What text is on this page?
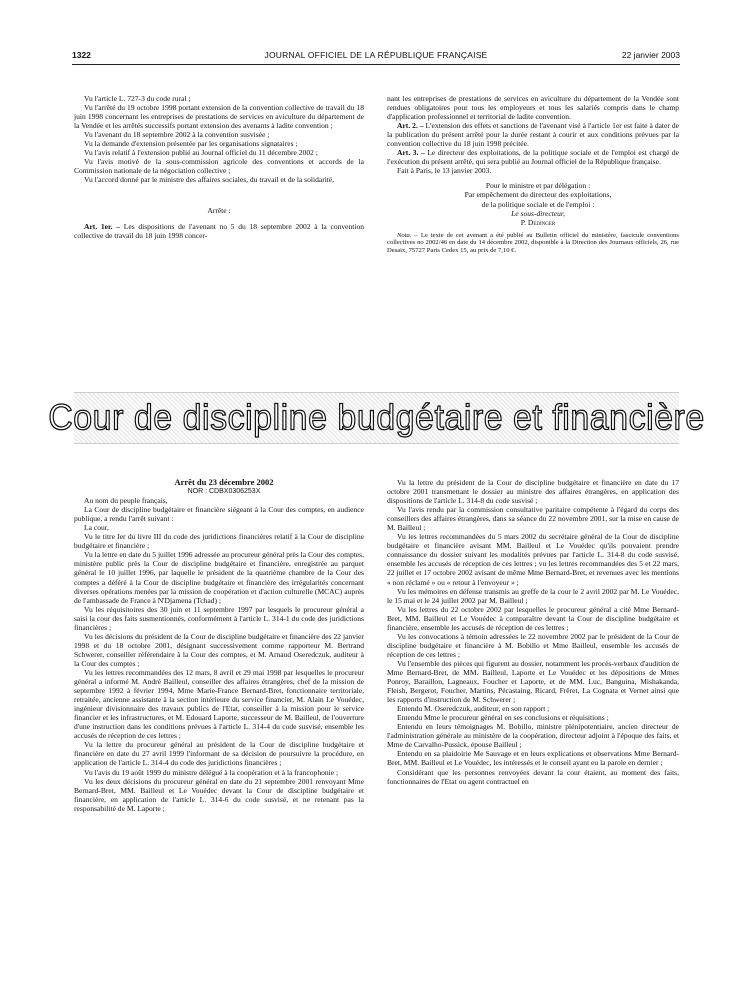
1322	JOURNAL OFFICIEL DE LA RÉPUBLIQUE FRANÇAISE	22 janvier 2003

Vu l'article L. 727-3 du code rural ;

Vu l'arrêté du 19 octobre 1998 portant extension de la convention collective de travail du 18 juin 1998 concernant les entreprises de prestations de services en aviculture du département de la Vendée et les arrêtés successifs portant extension des avenants à ladite convention ;

Vu l'avenant du 18 septembre 2002 à la convention susvisée ;

Vu la demande d'extension présentée par les organisations signataires ;

Vu l'avis relatif à l'extension publié au Journal officiel du 11 décembre 2002 ;

Vu l'avis motivé de la sous-commission agricole des conventions et accords de la Commission nationale de la négociation collective ;

Vu l'accord donné par le ministre des affaires sociales, du travail et de la solidarité,

Arrête :

Art. 1er. – Les dispositions de l'avenant no 5 du 18 septembre 2002 à la convention collective de travail du 18 juin 1998 concer-

nant les entreprises de prestations de services en aviculture du département de la Vendée sont rendues obligatoires pour tous les employeurs et tous les salariés compris dans le champ d'application professionnel et territorial de ladite convention.

Art. 2. – L'extension des effets et sanctions de l'avenant visé à l'article 1er est faite à dater de la publication du présent arrêté pour la durée restant à courir et aux conditions prévues par la convention collective du 18 juin 1998 précitée.

Art. 3. – Le directeur des exploitations, de la politique sociale et de l'emploi est chargé de l'exécution du présent arrêté, qui sera publié au Journal officiel de la République française.

Fait à Paris, le 13 janvier 2003.

Pour le ministre et par délégation :

Par empêchement du directeur des exploitations,

de la politique sociale et de l'emploi :

Le sous-directeur,

P. Dedinger

Nota. – Le texte de cet avenant a été publié au Bulletin officiel du ministère, fascicule conventions collectives no 2002/46 en date du 14 décembre 2002, disponible à la Direction des Journaux officiels, 26, rue Desaix, 75727 Paris Cedex 15, au prix de 7,10 €.

Cour de discipline budgétaire et financière

Arrêt du 23 décembre 2002

NOR : CDBX0306253X

Au nom du peuple français,

La Cour de discipline budgétaire et financière siégeant à la Cour des comptes, en audience publique, a rendu l'arrêt suivant :

La cour,

Vu le titre Ier du livre III du code des juridictions financières relatif à la Cour de discipline budgétaire et financière ;

Vu la lettre en date du 5 juillet 1996 adressée au procureur général près la Cour des comptes, ministère public près la Cour de discipline budgétaire et financière, enregistrée au parquet général le 10 juillet 1996, par laquelle le président de la quatrième chambre de la Cour des comptes a déféré à la Cour de discipline budgétaire et financière des irrégularités concernant diverses opérations menées par la mission de coopération et d'action culturelle (MCAC) auprès de l'ambassade de France à N'Djamena (Tchad) ;

Vu les réquisitoires des 30 juin et 11 septembre 1997 par lesquels le procureur général a saisi la cour des faits susmentionnés, conformément à l'article L. 314-1 du code des juridictions financières ;

Vu les décisions du président de la Cour de discipline budgétaire et financière des 22 janvier 1998 et du 18 octobre 2001, désignant successivement comme rapporteur M. Bertrand Schwerer, conseiller référendaire à la Cour des comptes, et M. Arnaud Oseredczuk, auditeur à la Cour des comptes ;

Vu les lettres recommandées des 12 mars, 8 avril et 29 mai 1998 par lesquelles le procureur général a informé M. André Bailleul, conseiller des affaires étrangères, chef de la mission de septembre 1992 à février 1994, Mme Marie-France Bernard-Bret, fonctionnaire territoriale, retraitée, ancienne assistante à la section intérieure du service financier, M. Alain Le Vouédec, ingénieur divisionnaire des travaux publics de l'Etat, conseiller à la mission pour le service financier et les infrastructures, et M. Edouard Laporte, successeur de M. Bailleul, de l'ouverture d'une instruction dans les conditions prévues à l'article L. 314-4 du code susvisé, ensemble les accusés de réception de ces lettres ;

Vu la lettre du procureur général au président de la Cour de discipline budgétaire et financière en date du 27 avril 1999 l'informant de sa décision de poursuivre la procédure, en application de l'article L. 314-4 du code des juridictions financières ;

Vu l'avis du 19 août 1999 du ministre délégué à la coopération et à la francophonie ;

Vu les deux décisions du procureur général en date du 21 septembre 2001 renvoyant Mme Bernard-Bret, MM. Bailleul et Le Vouédec devant la Cour de discipline budgétaire et financière, en application de l'article L. 314-6 du code susvisé, et ne retenant pas la responsabilité de M. Laporte ;

Vu la lettre du président de la Cour de discipline budgétaire et financière en date du 17 octobre 2001 transmettant le dossier au ministre des affaires étrangères, en application des dispositions de l'article L. 314-8 du code susvisé ;

Vu l'avis rendu par la commission consultative paritaire compétente à l'égard du corps des conseillers des affaires étrangères, dans sa séance du 22 novembre 2001, sur la mise en cause de M. Bailleul ;

Vu les lettres recommandées du 5 mars 2002 du secrétaire général de la Cour de discipline budgétaire et financière avisant MM. Bailleul et Le Vouédec qu'ils pouvaient prendre connaissance du dossier suivant les modalités prévues par l'article L. 314-8 du code susvisé, ensemble les accusés de réception de ces lettres ; vu les lettres recommandées des 5 et 22 mars, 22 juillet et 17 octobre 2002 avisant de même Mme Bernard-Bret, et revenues avec les mentions « non réclamé » ou « retour à l'envoyeur » ;

Vu les mémoires en défense transmis au greffe de la cour le 2 avril 2002 par M. Le Vouédec, le 15 mai et le 24 juillet 2002 par M. Bailleul ;

Vu les lettres du 22 octobre 2002 par lesquelles le procureur général a cité Mme Bernard-Bret, MM. Bailleul et Le Vouédec à comparaître devant la Cour de discipline budgétaire et financière, ensemble les accusés de réception de ces lettres ;

Vu les convocations à témoin adressées le 22 novembre 2002 par le président de la Cour de discipline budgétaire et financière à M. Bobillo et Mme Bailleul, ensemble les accusés de réception de ces lettres ;

Vu l'ensemble des pièces qui figurent au dossier, notamment les procès-verbaux d'audition de Mme Bernard-Bret, de MM. Bailleul, Laporte et Le Vouédec et les dépositions de Mmes Ponroy, Baraillon, Lagneaux, Foucher et Laporte, et de MM. Luc, Banguina, Mishakanda, Fleish, Bergerot, Foucher, Martins, Pécastaing, Ricard, Frêret, La Cognata et Vernet ainsi que les rapports d'instruction de M. Schwerer ;

Entendu M. Oseredczuk, auditeur, en son rapport ;

Entendu Mme le procureur général en ses conclusions et réquisitions ;

Entendu en leurs témoignages M. Bobillo, ministre plénipotentiaire, ancien directeur de l'administration générale au ministère de la coopération, directeur adjoint à l'époque des faits, et Mme de Carvalho-Pussick, épouse Bailleul ;

Entendu en sa plaidoirie Me Sauvage et en leurs explications et observations Mme Bernard-Bret, MM. Bailleul et Le Vouédec, les intéressés et le conseil ayant eu la parole en dernier ;

Considérant que les personnes renvoyées devant la cour étaient, au moment des faits, fonctionnaires de l'Etat ou agent contractuel en
